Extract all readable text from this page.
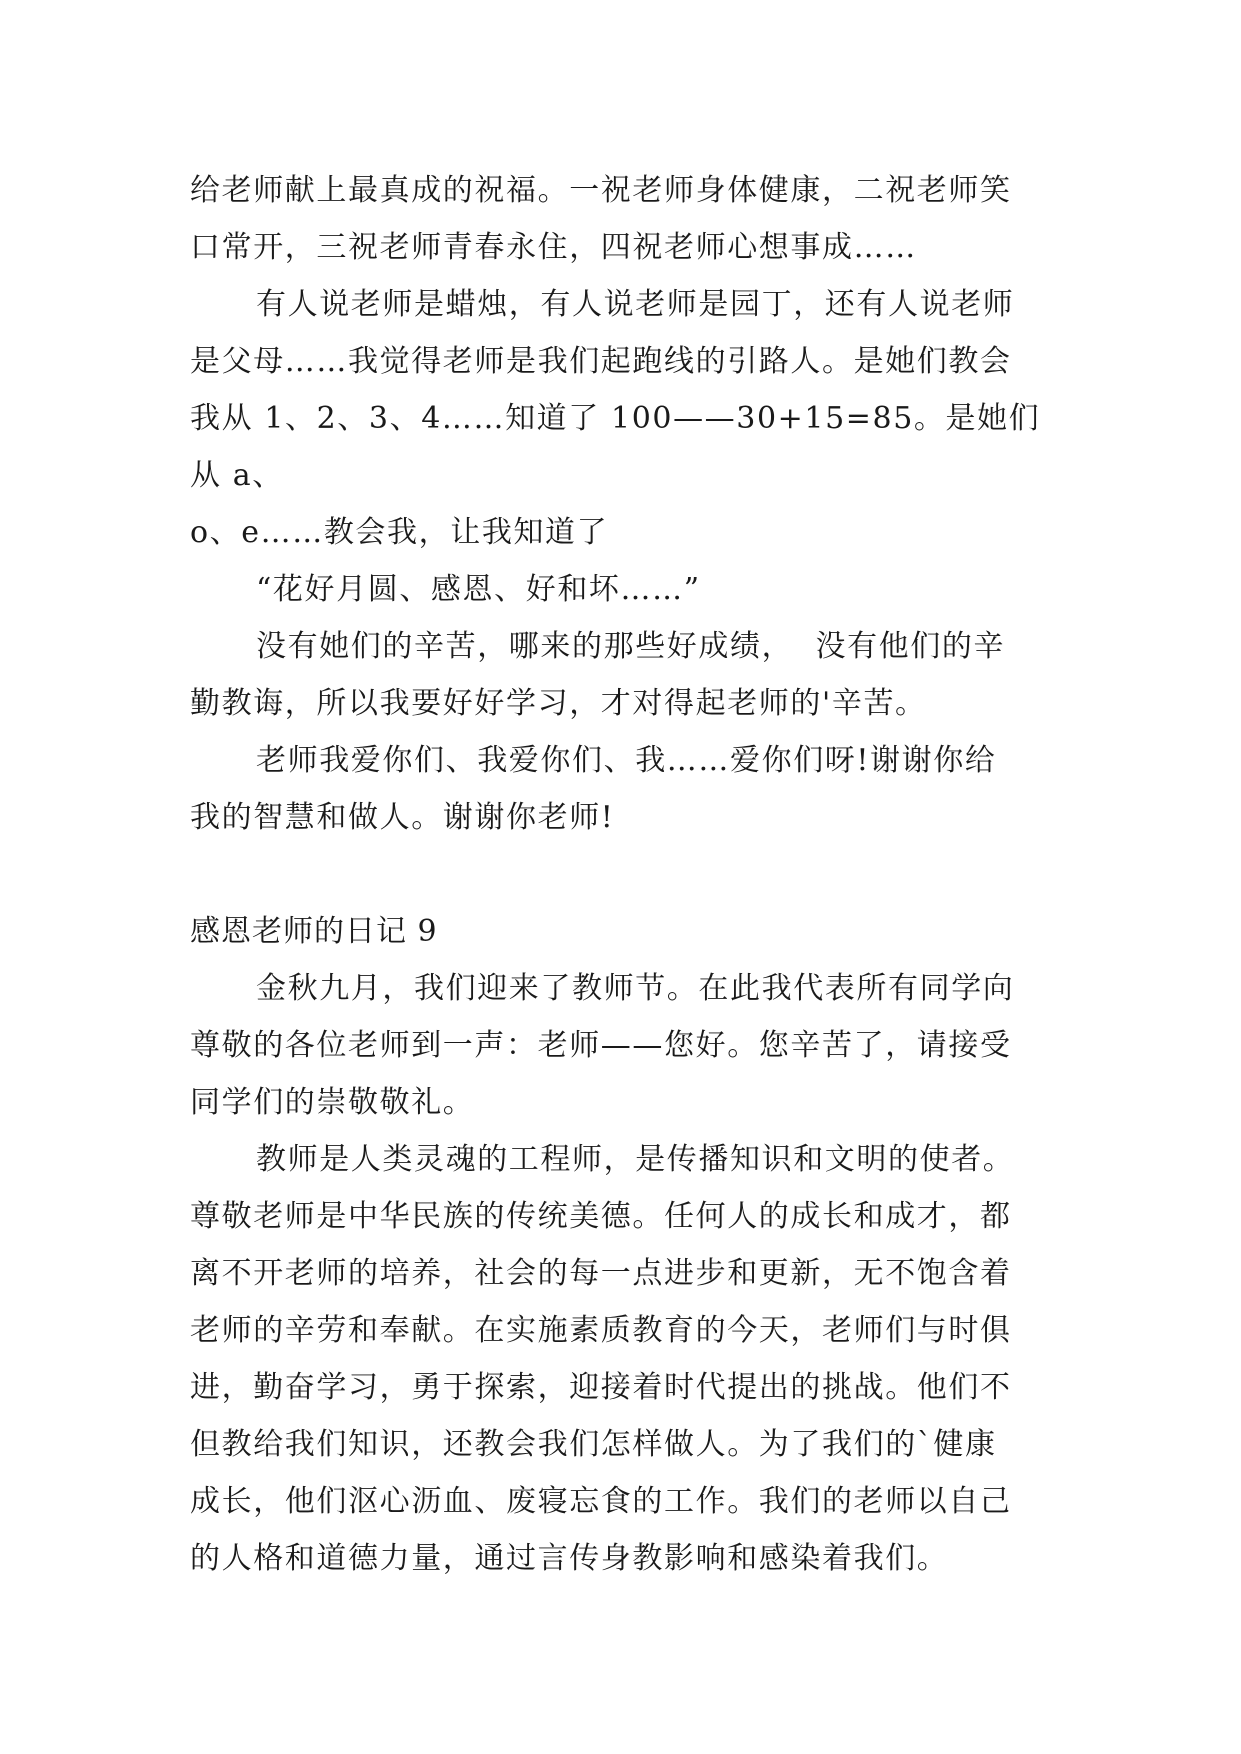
给老师献上最真成的祝福。一祝老师身体健康，二祝老师笑
口常开，三祝老师青春永住，四祝老师心想事成……

有人说老师是蜡烛，有人说老师是园丁，还有人说老师
是父母……我觉得老师是我们起跑线的引路人。是她们教会
我从 1、2、3、4……知道了 100——30+15=85。是她们从 a、
o、e……教会我，让我知道了

“花好月圆、感恩、好和坏……”

没有她们的辛苦，哪来的那些好成绩，  没有他们的辛
勤教诲，所以我要好好学习，才对得起老师的'辛苦。

老师我爱你们、我爱你们、我……爱你们呀!谢谢你给
我的智慧和做人。谢谢你老师!

感恩老师的日记 9

金秋九月，我们迎来了教师节。在此我代表所有同学向
尊敬的各位老师到一声：老师——您好。您辛苦了，请接受
同学们的崇敬敬礼。

教师是人类灵魂的工程师，是传播知识和文明的使者。
尊敬老师是中华民族的传统美德。任何人的成长和成才，都
离不开老师的培养，社会的每一点进步和更新，无不饱含着
老师的辛劳和奉献。在实施素质教育的今天，老师们与时俱
进，勤奋学习，勇于探索，迎接着时代提出的挑战。他们不
但教给我们知识，还教会我们怎样做人。为了我们的`健康
成长，他们沤心沥血、废寝忘食的工作。我们的老师以自己
的人格和道德力量，通过言传身教影响和感染着我们。
